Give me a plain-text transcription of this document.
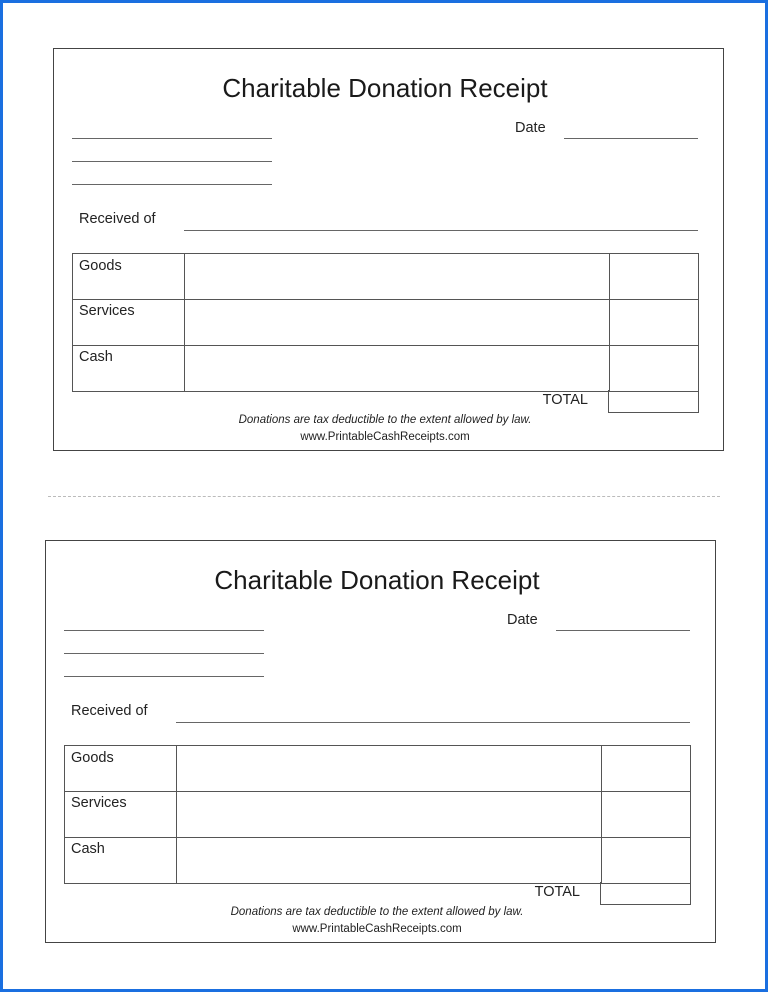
Charitable Donation Receipt
Date
Received of
Goods
Services
Cash
TOTAL
Donations are tax deductible to the extent allowed by law.
www.PrintableCashReceipts.com
Charitable Donation Receipt
Date
Received of
Goods
Services
Cash
TOTAL
Donations are tax deductible to the extent allowed by law.
www.PrintableCashReceipts.com
